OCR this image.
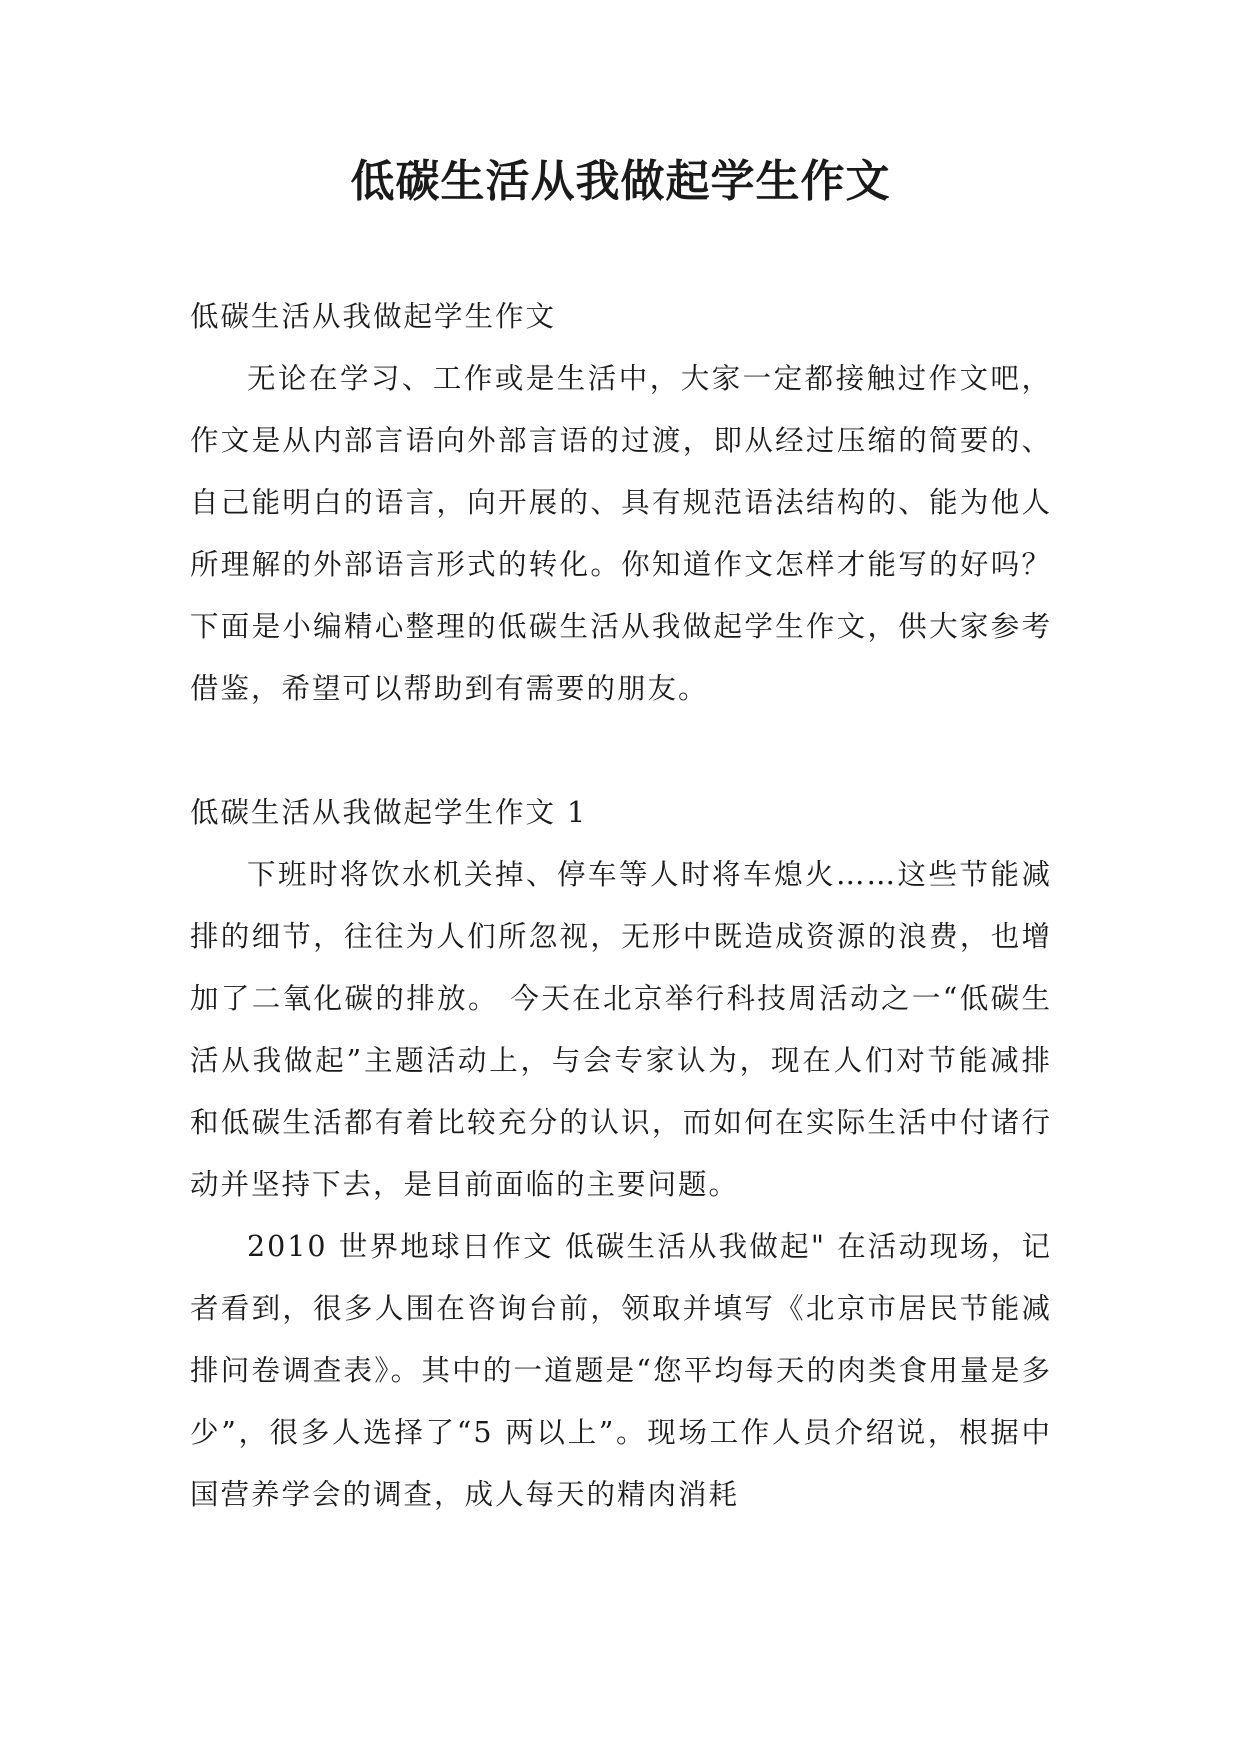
低碳生活从我做起学生作文

低碳生活从我做起学生作文

无论在学习、工作或是生活中，大家一定都接触过作文吧，作文是从内部言语向外部言语的过渡，即从经过压缩的简要的、自己能明白的语言，向开展的、具有规范语法结构的、能为他人所理解的外部语言形式的转化。你知道作文怎样才能写的好吗？下面是小编精心整理的低碳生活从我做起学生作文，供大家参考借鉴，希望可以帮助到有需要的朋友。

低碳生活从我做起学生作文 1

下班时将饮水机关掉、停车等人时将车熄火……这些节能减排的细节，往往为人们所忽视，无形中既造成资源的浪费，也增加了二氧化碳的排放。 今天在北京举行科技周活动之一“低碳生活从我做起”主题活动上，与会专家认为，现在人们对节能减排和低碳生活都有着比较充分的认识，而如何在实际生活中付诸行动并坚持下去，是目前面临的主要问题。

2010 世界地球日作文 低碳生活从我做起" 在活动现场，记者看到，很多人围在咨询台前，领取并填写《北京市居民节能减排问卷调查表》。其中的一道题是“您平均每天的肉类食用量是多少”，很多人选择了“5 两以上”。现场工作人员介绍说，根据中国营养学会的调查，成人每天的精肉消耗
